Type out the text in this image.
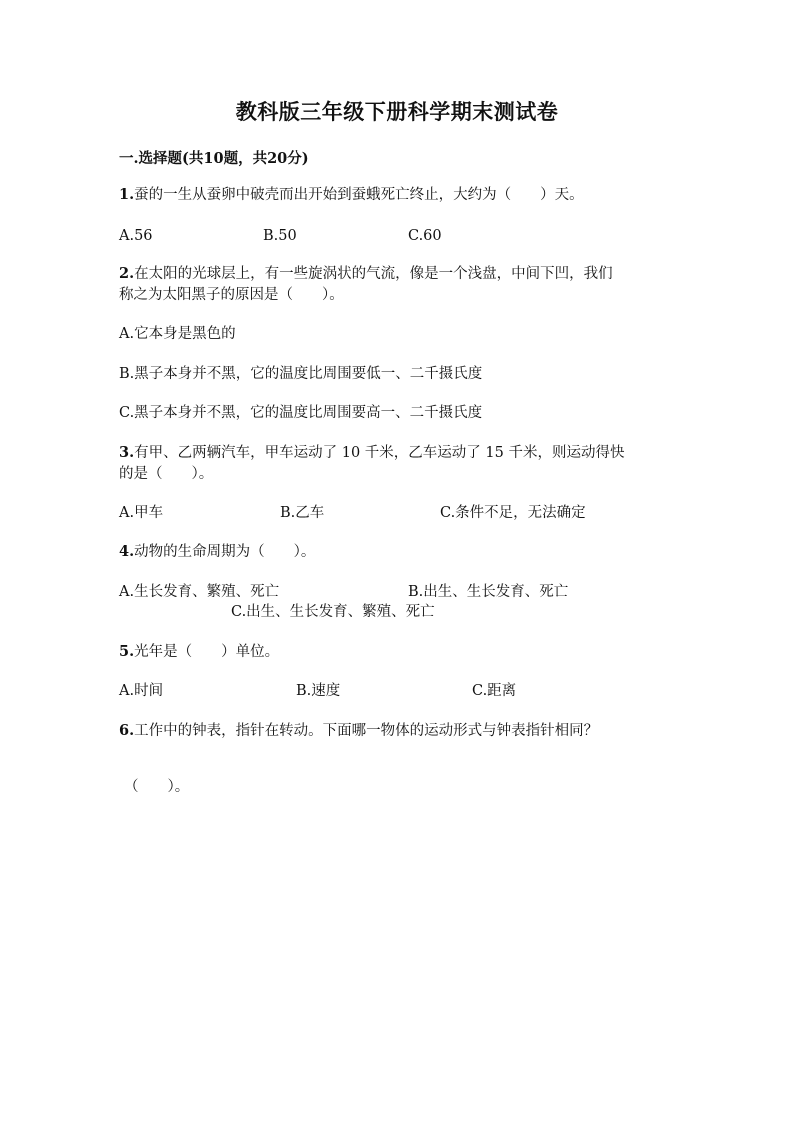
教科版三年级下册科学期末测试卷
一.选择题(共10题，共20分)
1.蚕的一生从蚕卵中破壳而出开始到蚕蛾死亡终止，大约为（　　）天。
A.56	B.50	C.60
2.在太阳的光球层上，有一些旋涡状的气流，像是一个浅盘，中间下凹，我们
称之为太阳黑子的原因是（　　）。
A.它本身是黑色的
B.黑子本身并不黑，它的温度比周围要低一、二千摄氏度
C.黑子本身并不黑，它的温度比周围要高一、二千摄氏度
3.有甲、乙两辆汽车，甲车运动了 10 千米，乙车运动了 15 千米，则运动得快
的是（　　）。
A.甲车	B.乙车	C.条件不足，无法确定
4.动物的生命周期为（　　）。
A.生长发育、繁殖、死亡	B.出生、生长发育、死亡
C.出生、生长发育、繁殖、死亡
5.光年是（　　）单位。
A.时间	B.速度	C.距离
6.工作中的钟表，指针在转动。下面哪一物体的运动形式与钟表指针相同？
（　　）。
